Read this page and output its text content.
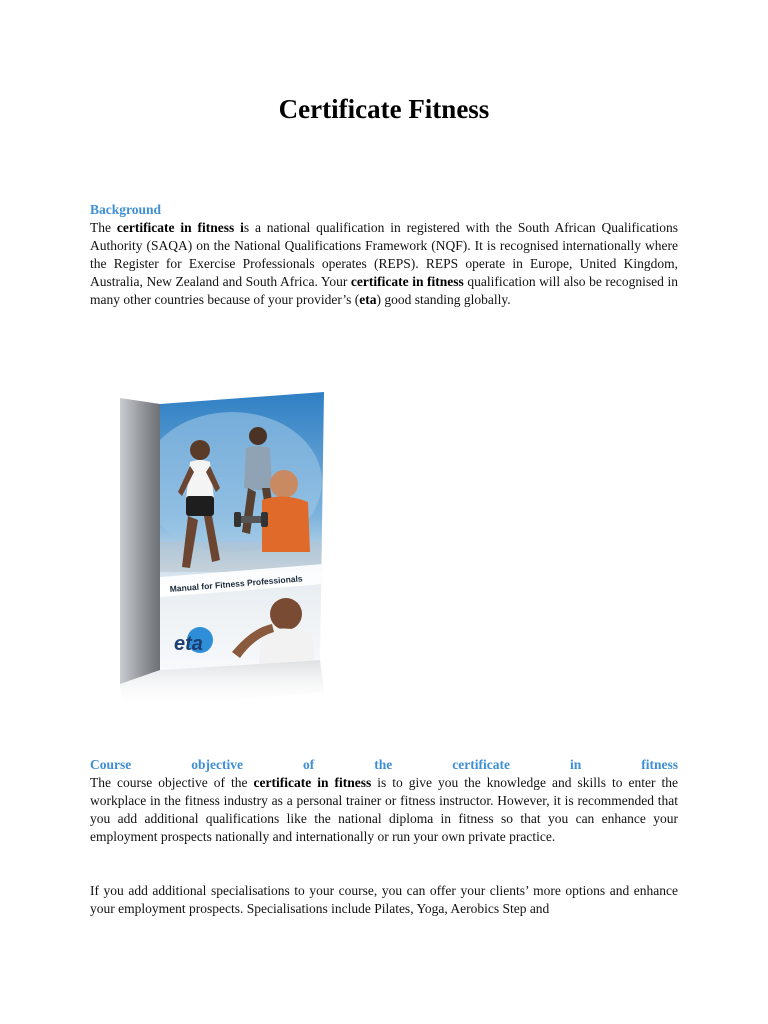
Certificate Fitness

Background

The certificate in fitness is a national qualification in registered with the South African Qualifications Authority (SAQA) on the National Qualifications Framework (NQF). It is recognised internationally where the Register for Exercise Professionals operates (REPS). REPS operate in Europe, United Kingdom, Australia, New Zealand and South Africa. Your certificate in fitness qualification will also be recognised in many other countries because of your provider’s (eta) good standing globally.

Manual for Fitness Professionals
eta

Course objective of the certificate in fitness

The course objective of the certificate in fitness is to give you the knowledge and skills to enter the workplace in the fitness industry as a personal trainer or fitness instructor. However, it is recommended that you add additional qualifications like the national diploma in fitness so that you can enhance your employment prospects nationally and internationally or run your own private practice.

If you add additional specialisations to your course, you can offer your clients’ more options and enhance your employment prospects. Specialisations include Pilates, Yoga, Aerobics Step and
